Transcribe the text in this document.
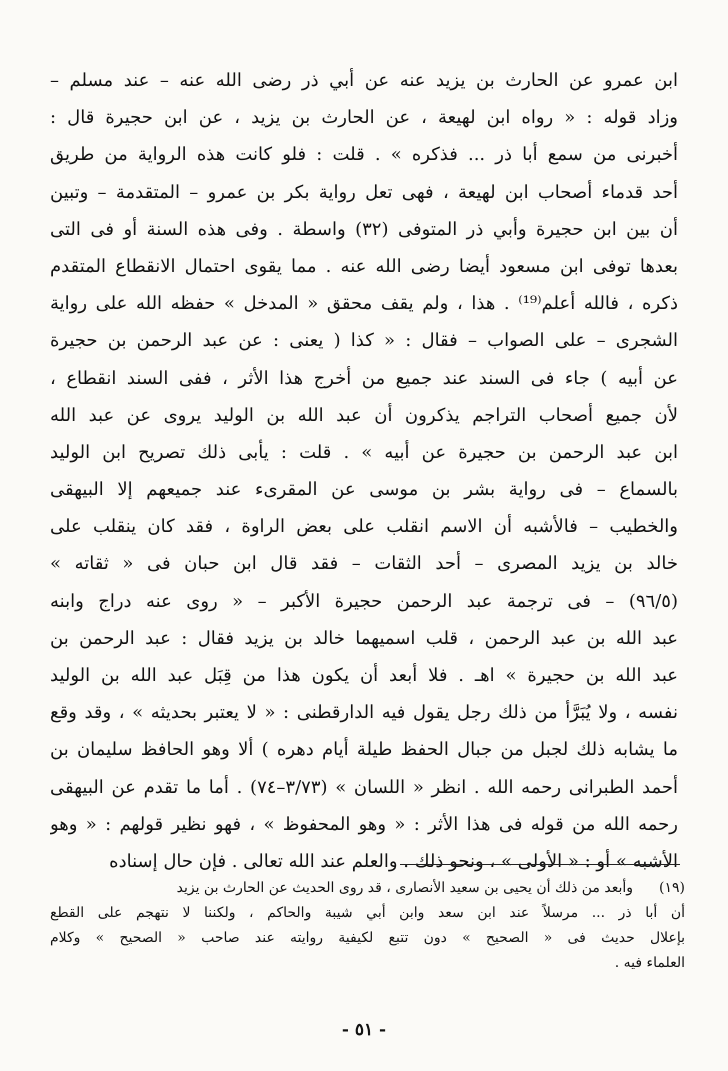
ابن عمرو عن الحارث بن يزيد عنه عن أبي ذر رضى الله عنه – عند مسلم –
وزاد قوله : « رواه ابن لهيعة ، عن الحارث بن يزيد ، عن ابن حجيرة قال :
أخبرنى من سمع أبا ذر ... فذكره » . قلت : فلو كانت هذه الرواية من طريق
أحد قدماء أصحاب ابن لهيعة ، فهى تعل رواية بكر بن عمرو – المتقدمة – وتبين
أن بين ابن حجيرة وأبي ذر المتوفى (٣٢) واسطة . وفى هذه السنة أو فى التى
بعدها توفى ابن مسعود أيضا رضى الله عنه . مما يقوى احتمال الانقطاع المتقدم
ذكره ، فالله أعلم⁽¹⁹⁾ . هذا ، ولم يقف محقق « المدخل » حفظه الله على رواية
الشجرى – على الصواب – فقال : « كذا ( يعنى : عن عبد الرحمن بن حجيرة
عن أبيه ) جاء فى السند عند جميع من أخرج هذا الأثر ، ففى السند انقطاع ،
لأن جميع أصحاب التراجم يذكرون أن عبد الله بن الوليد يروى عن عبد الله
ابن عبد الرحمن بن حجيرة عن أبيه » . قلت : يأبى ذلك تصريح ابن الوليد
بالسماع – فى رواية بشر بن موسى عن المقرىء عند جميعهم إلا البيهقى
والخطيب – فالأشبه أن الاسم انقلب على بعض الراوة ، فقد كان ينقلب على
خالد بن يزيد المصرى – أحد الثقات – فقد قال ابن حبان فى « ثقاته »
(٩٦/٥) – فى ترجمة عبد الرحمن حجيرة الأكبر – « روى عنه دراج وابنه
عبد الله بن عبد الرحمن ، قلب اسميهما خالد بن يزيد فقال : عبد الرحمن بن
عبد الله بن حجيرة » اهـ . فلا أبعد أن يكون هذا من قِبَل عبد الله بن الوليد
نفسه ، ولا يُبَرَّأ من ذلك رجل يقول فيه الدارقطنى : « لا يعتبر بحديثه » ، وقد وقع
ما يشابه ذلك لجبل من جبال الحفظ طيلة أيام دهره ) ألا وهو الحافظ سليمان بن
أحمد الطبرانى رحمه الله . انظر « اللسان » (٣/٧٣–٧٤) . أما ما تقدم عن البيهقى
رحمه الله من قوله فى هذا الأثر : « وهو المحفوظ » ، فهو نظير قولهم : « وهو
الأشبه » أو : « الأولى » ، ونحو ذلك . والعلم عند الله تعالى . فإن حال إسناده
(١٩)وأبعد من ذلك أن يحيى بن سعيد الأنصارى ، قد روى الحديث عن الحارث بن يزيد
أن أبا ذر ... مرسلاً عند ابن سعد وابن أبي شيبة والحاكم ، ولكننا لا نتهجم على القطع
بإعلال حديث فى « الصحيح » دون تتبع لكيفية روايته عند صاحب « الصحيح » وكلام
العلماء فيه .
- ٥١ -
